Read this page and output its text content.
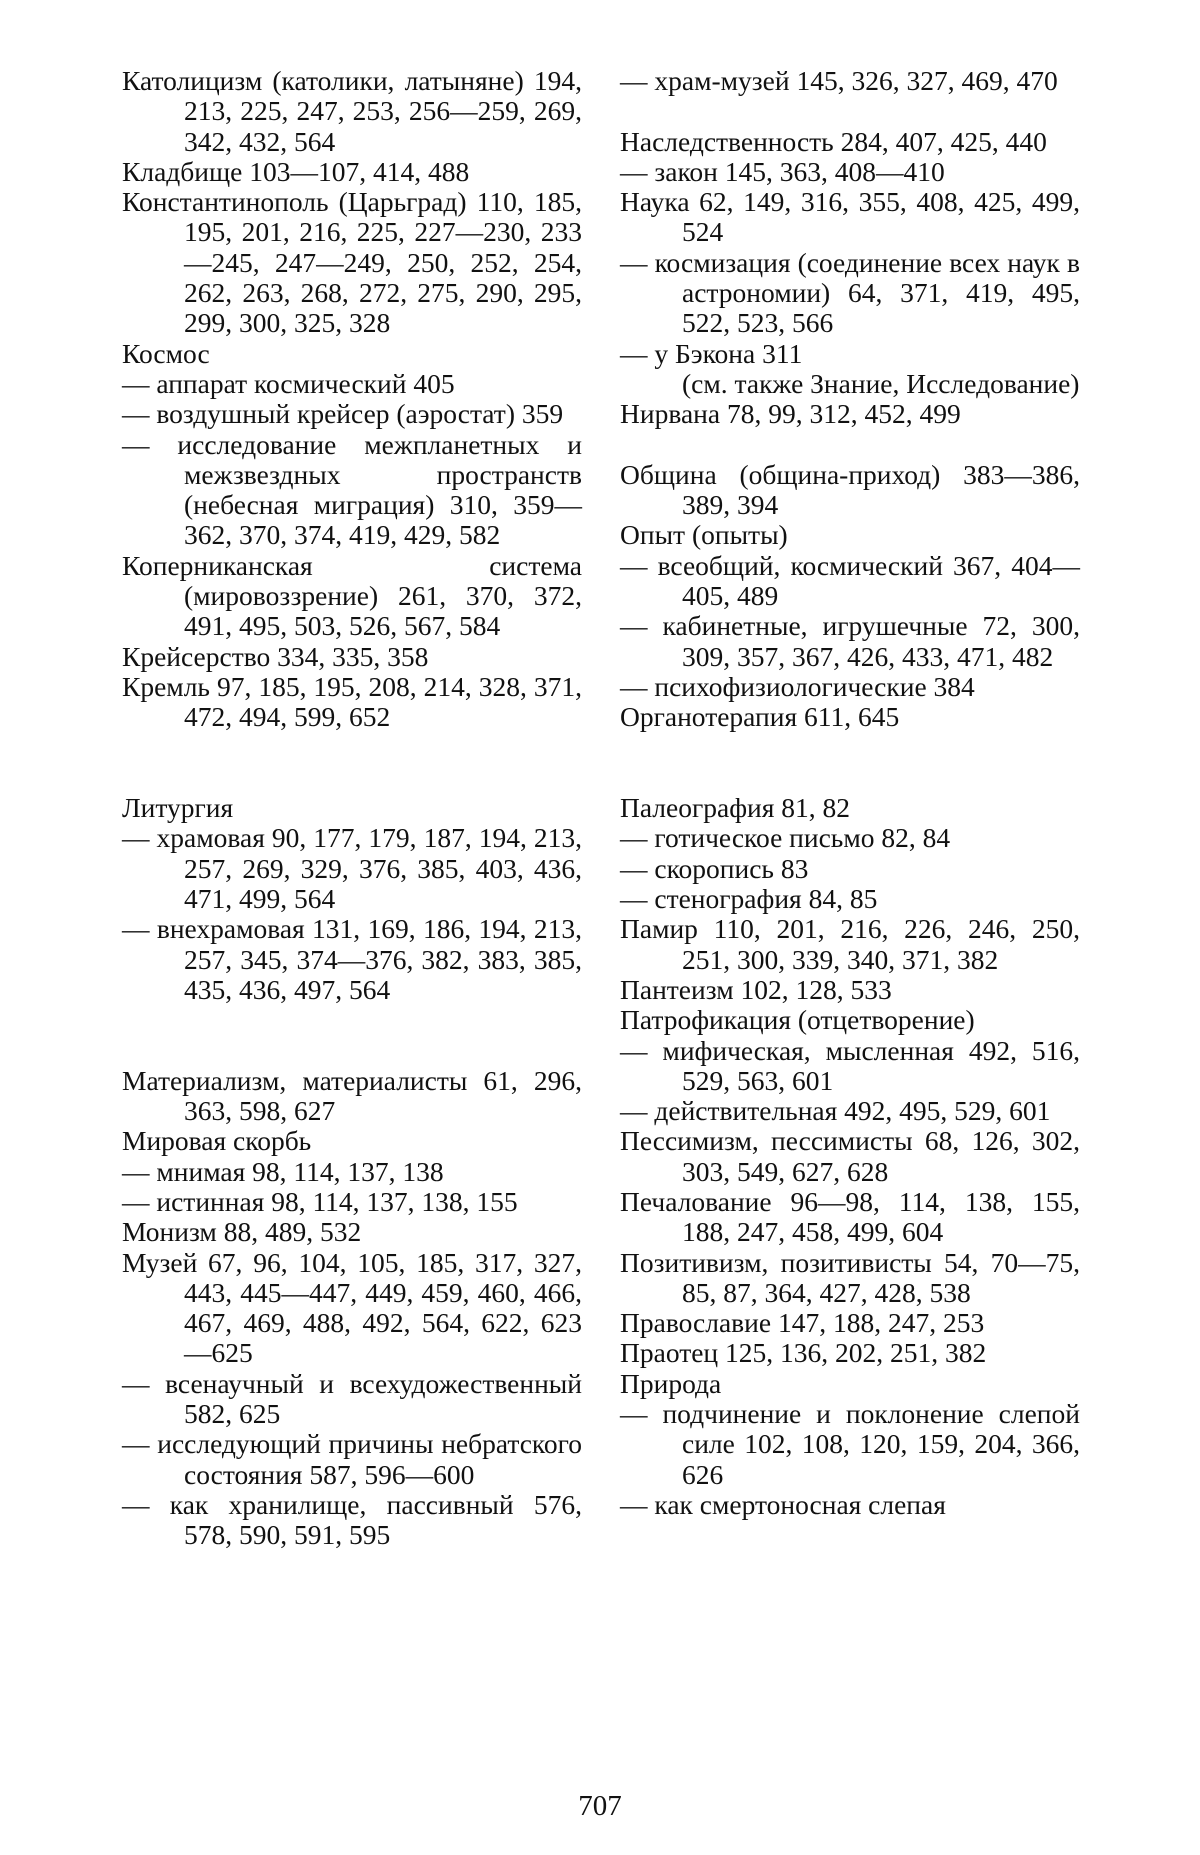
Католицизм (католики, латыняне) 194, 213, 225, 247, 253, 256—259, 269, 342, 432, 564
Кладбище 103—107, 414, 488
Константинополь (Царьград) 110, 185, 195, 201, 216, 225, 227—230, 233—245, 247—249, 250, 252, 254, 262, 263, 268, 272, 275, 290, 295, 299, 300, 325, 328
Космос
— аппарат космический 405
— воздушный крейсер (аэростат) 359
— исследование межпланетных и межзвездных пространств (небесная миграция) 310, 359—362, 370, 374, 419, 429, 582
Коперниканская система (мировоззрение) 261, 370, 372, 491, 495, 503, 526, 567, 584
Крейсерство 334, 335, 358
Кремль 97, 185, 195, 208, 214, 328, 371, 472, 494, 599, 652
Литургия
— храмовая 90, 177, 179, 187, 194, 213, 257, 269, 329, 376, 385, 403, 436, 471, 499, 564
— внехрамовая 131, 169, 186, 194, 213, 257, 345, 374—376, 382, 383, 385, 435, 436, 497, 564
Материализм, материалисты 61, 296, 363, 598, 627
Мировая скорбь
— мнимая 98, 114, 137, 138
— истинная 98, 114, 137, 138, 155
Монизм 88, 489, 532
Музей 67, 96, 104, 105, 185, 317, 327, 443, 445—447, 449, 459, 460, 466, 467, 469, 488, 492, 564, 622, 623—625
— всенаучный и всехудожественный 582, 625
— исследующий причины небратского состояния 587, 596—600
— как хранилище, пассивный 576, 578, 590, 591, 595
— храм-музей 145, 326, 327, 469, 470
Наследственность 284, 407, 425, 440
— закон 145, 363, 408—410
Наука 62, 149, 316, 355, 408, 425, 499, 524
— космизация (соединение всех наук в астрономии) 64, 371, 419, 495, 522, 523, 566
— у Бэкона 311
(см. также Знание, Исследование)
Нирвана 78, 99, 312, 452, 499
Община (община-приход) 383—386, 389, 394
Опыт (опыты)
— всеобщий, космический 367, 404—405, 489
— кабинетные, игрушечные 72, 300, 309, 357, 367, 426, 433, 471, 482
— психофизиологические 384
Органотерапия 611, 645
Палеография 81, 82
— готическое письмо 82, 84
— скоропись 83
— стенография 84, 85
Памир 110, 201, 216, 226, 246, 250, 251, 300, 339, 340, 371, 382
Пантеизм 102, 128, 533
Патрофикация (отцетворение)
— мифическая, мысленная 492, 516, 529, 563, 601
— действительная 492, 495, 529, 601
Пессимизм, пессимисты 68, 126, 302, 303, 549, 627, 628
Печалование 96—98, 114, 138, 155, 188, 247, 458, 499, 604
Позитивизм, позитивисты 54, 70—75, 85, 87, 364, 427, 428, 538
Православие 147, 188, 247, 253
Праотец 125, 136, 202, 251, 382
Природа
— подчинение и поклонение слепой силе 102, 108, 120, 159, 204, 366, 626
— как смертоносная слепая
707
